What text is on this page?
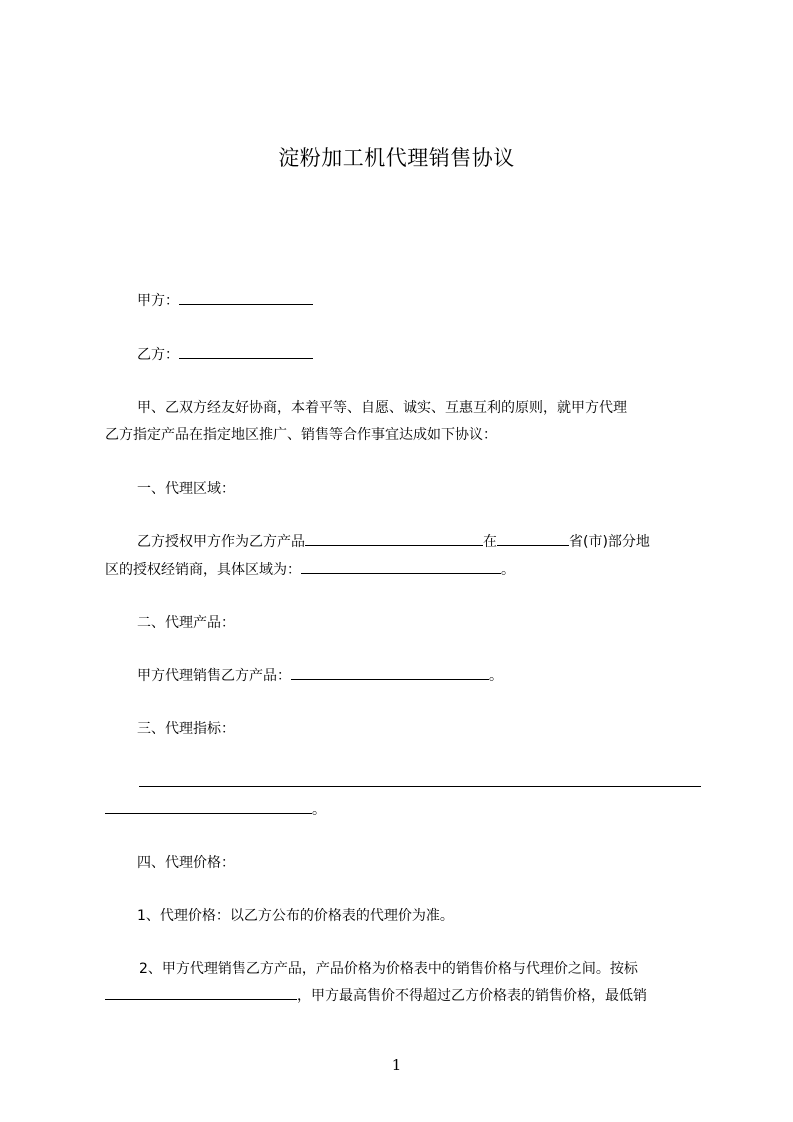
淀粉加工机代理销售协议
甲方：
乙方：
甲、乙双方经友好协商，本着平等、自愿、诚实、互惠互利的原则，就甲方代理
乙方指定产品在指定地区推广、销售等合作事宜达成如下协议：
一、代理区域：
乙方授权甲方作为乙方产品	在	省(市)部分地
区的授权经销商，具体区域为：	。
二、代理产品：
甲方代理销售乙方产品：	。
三、代理指标：
。
四、代理价格：
1、代理价格：以乙方公布的价格表的代理价为准。
2、甲方代理销售乙方产品，产品价格为价格表中的销售价格与代理价之间。按标
，甲方最高售价不得超过乙方价格表的销售价格，最低销
1
